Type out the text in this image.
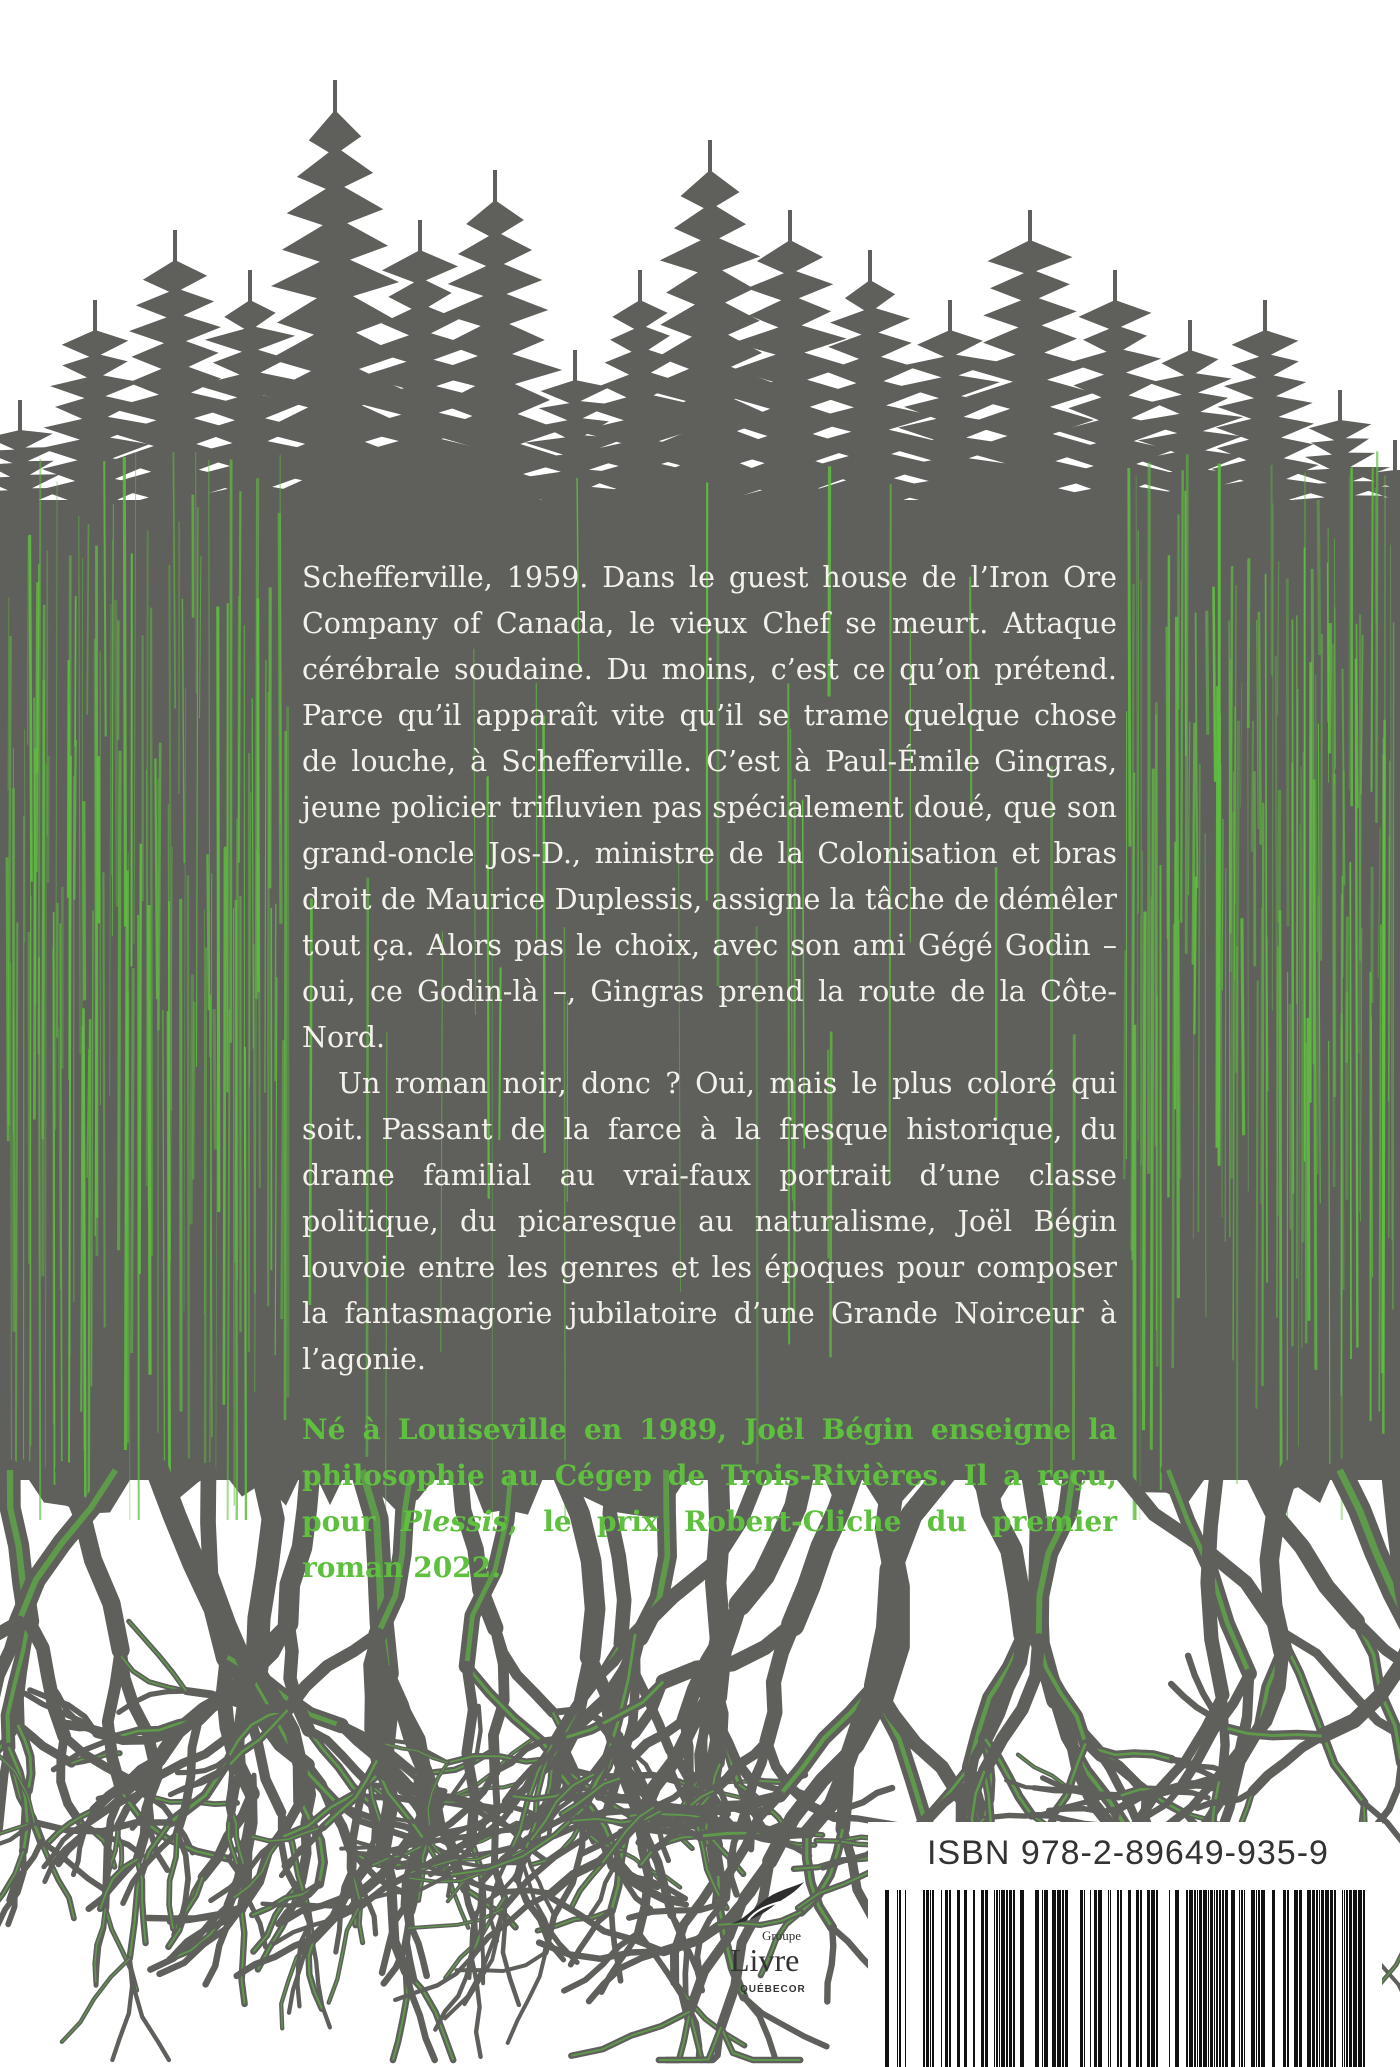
Schefferville, 1959. Dans le guest house de l’Iron Ore Company of Canada, le vieux Chef se meurt. Attaque cérébrale soudaine. Du moins, c’est ce qu’on prétend. Parce qu’il apparaît vite qu’il se trame quelque chose de louche, à Schefferville. C’est à Paul-Émile Gingras, jeune policier trifluvien pas spécialement doué, que son grand-oncle Jos-D., ministre de la Colonisation et bras droit de Maurice Duplessis, assigne la tâche de démêler tout ça. Alors pas le choix, avec son ami Gégé Godin – oui, ce Godin-là –, Gingras prend la route de la Côte-Nord.

Un roman noir, donc ? Oui, mais le plus coloré qui soit. Passant de la farce à la fresque historique, du drame familial au vrai-faux portrait d’une classe politique, du picaresque au naturalisme, Joël Bégin louvoie entre les genres et les époques pour composer la fantasmagorie jubilatoire d’une Grande Noirceur à l’agonie.

Né à Louiseville en 1989, Joël Bégin enseigne la philosophie au Cégep de Trois-Rivières. Il a reçu, pour Plessis, le prix Robert-Cliche du premier roman 2022.

Groupe
Livre
QUÉBECOR
ISBN 978-2-89649-935-9
